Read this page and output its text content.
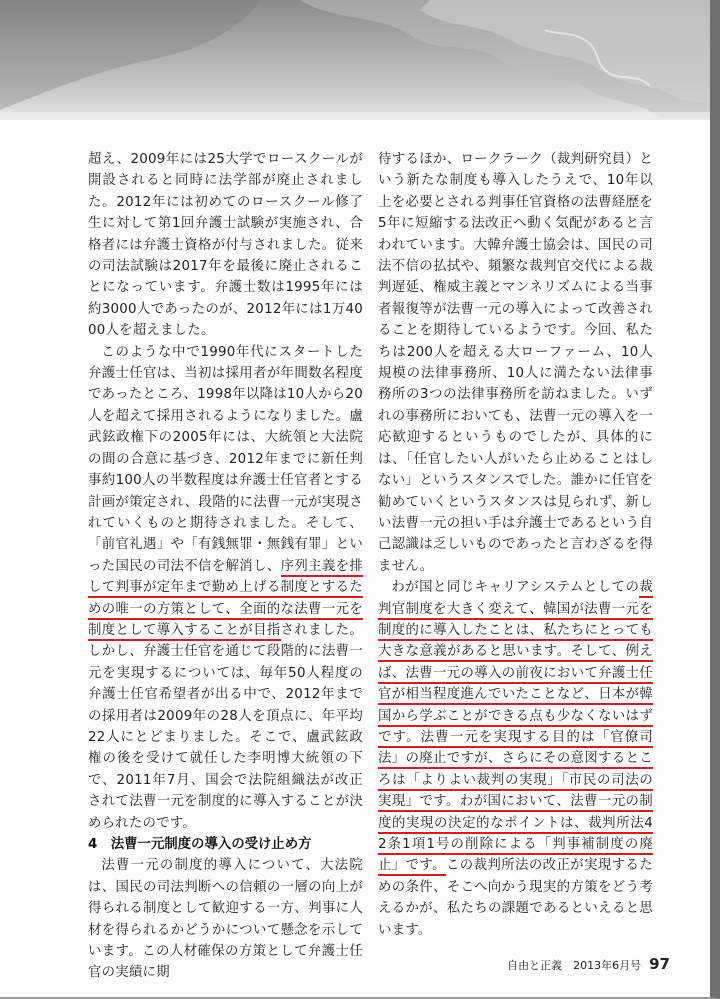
超え、2009年には25大学でロースクールが開設されると同時に法学部が廃止されました。2012年には初めてのロースクール修了生に対して第1回弁護士試験が実施され、合格者には弁護士資格が付与されました。従来の司法試験は2017年を最後に廃止されることになっています。弁護士数は1995年には約3000人であったのが、2012年には1万4000人を超えました。

このような中で1990年代にスタートした弁護士任官は、当初は採用者が年間数名程度であったところ、1998年以降は10人から20人を超えて採用されるようになりました。盧武鉉政権下の2005年には、大統領と大法院の間の合意に基づき、2012年までに新任判事約100人の半数程度は弁護士任官者とする計画が策定され、段階的に法曹一元が実現されていくものと期待されました。そして、「前官礼遇」や「有銭無罪・無銭有罪」といった国民の司法不信を解消し、序列主義を排して判事が定年まで勤め上げる制度とするための唯一の方策として、全面的な法曹一元を制度として導入することが目指されました。しかし、弁護士任官を通じて段階的に法曹一元を実現するについては、毎年50人程度の弁護士任官希望者が出る中で、2012年までの採用者は2009年の28人を頂点に、年平均22人にとどまりました。そこで、盧武鉉政権の後を受けて就任した李明博大統領の下で、2011年7月、国会で法院組織法が改正されて法曹一元を制度的に導入することが決められたのです。

4　法曹一元制度の導入の受け止め方

法曹一元の制度的導入について、大法院は、国民の司法判断への信頼の一層の向上が得られる制度として歓迎する一方、判事に人材を得られるかどうかについて懸念を示しています。この人材確保の方策として弁護士任官の実績に期

待するほか、ロークラーク（裁判研究員）という新たな制度も導入したうえで、10年以上を必要とされる判事任官資格の法曹経歴を5年に短縮する法改正へ動く気配があると言われています。大韓弁護士協会は、国民の司法不信の払拭や、頻繁な裁判官交代による裁判遅延、権威主義とマンネリズムによる当事者報復等が法曹一元の導入によって改善されることを期待しているようです。今回、私たちは200人を超える大ローファーム、10人規模の法律事務所、10人に満たない法律事務所の3つの法律事務所を訪ねました。いずれの事務所においても、法曹一元の導入を一応歓迎するというものでしたが、具体的には、「任官したい人がいたら止めることはしない」というスタンスでした。誰かに任官を勧めていくというスタンスは見られず、新しい法曹一元の担い手は弁護士であるという自己認識は乏しいものであったと言わざるを得ません。

わが国と同じキャリアシステムとしての裁判官制度を大きく変えて、韓国が法曹一元を制度的に導入したことは、私たちにとっても大きな意義があると思います。そして、例えば、法曹一元の導入の前夜において弁護士任官が相当程度進んでいたことなど、日本が韓国から学ぶことができる点も少なくないはずです。法曹一元を実現する目的は「官僚司法」の廃止ですが、さらにその意図するところは「よりよい裁判の実現」「市民の司法の実現」です。わが国において、法曹一元の制度的実現の決定的なポイントは、裁判所法42条1項1号の削除による「判事補制度の廃止」です。この裁判所法の改正が実現するための条件、そこへ向かう現実的方策をどう考えるかが、私たちの課題であるといえると思います。

自由と正義　2013年6月号 97
